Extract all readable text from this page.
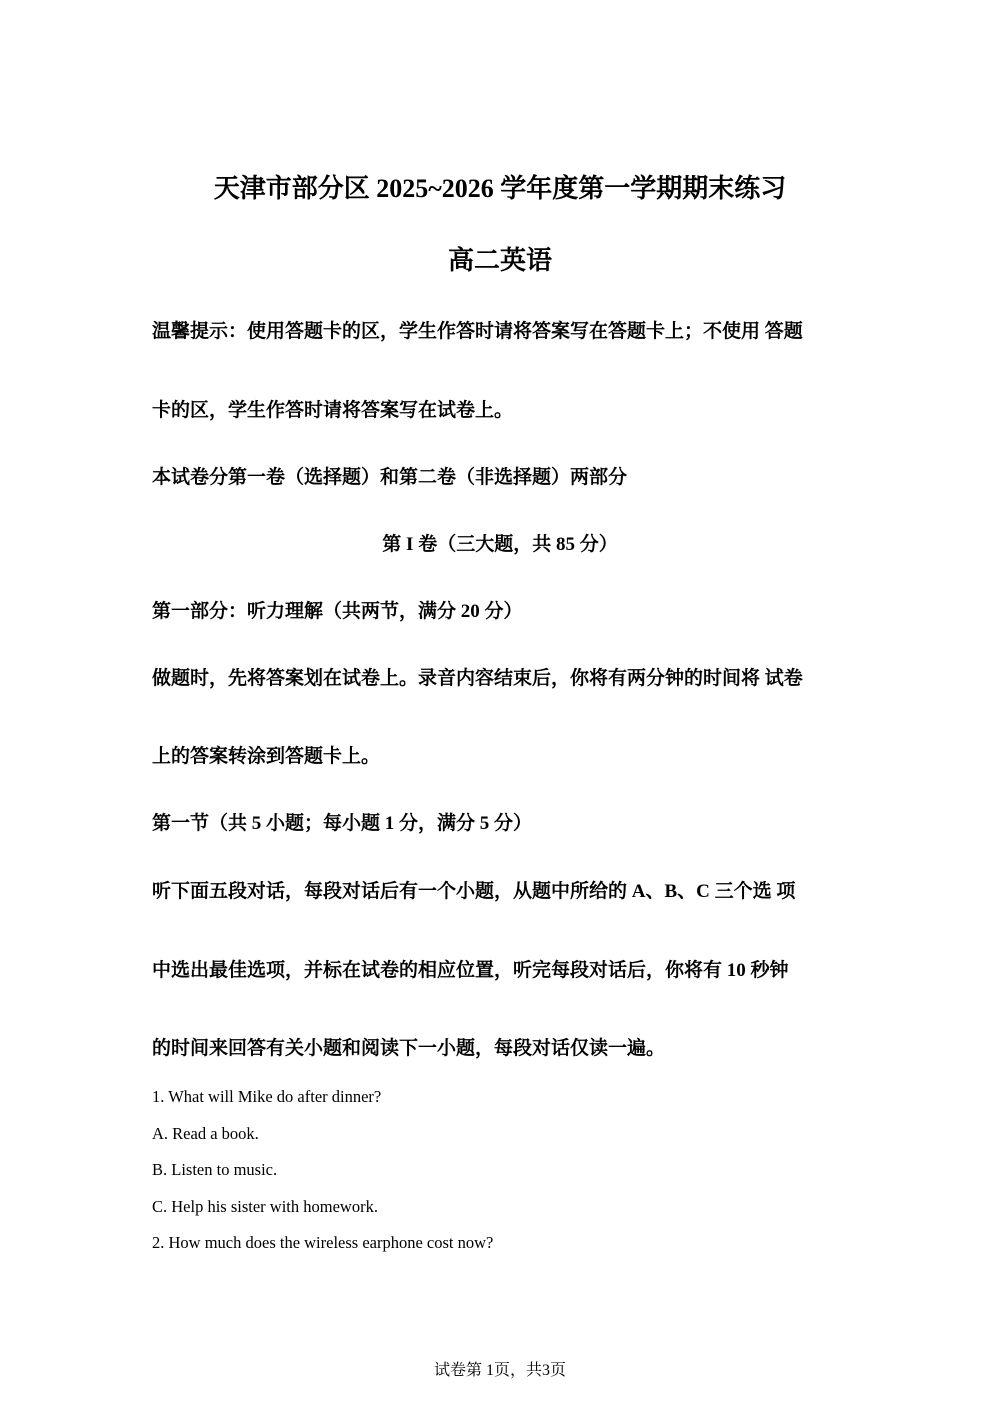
天津市部分区 2025~2026 学年度第一学期期末练习
高二英语
温馨提示：使用答题卡的区，学生作答时请将答案写在答题卡上；不使用 答题
卡的区，学生作答时请将答案写在试卷上。
本试卷分第一卷（选择题）和第二卷（非选择题）两部分
第 I 卷（三大题，共 85 分）
第一部分：听力理解（共两节，满分 20 分）
做题时，先将答案划在试卷上。录音内容结束后，你将有两分钟的时间将 试卷
上的答案转涂到答题卡上。
第一节（共 5 小题；每小题 1 分，满分 5 分）
听下面五段对话，每段对话后有一个小题，从题中所给的 A、B、C 三个选 项
中选出最佳选项，并标在试卷的相应位置，听完每段对话后，你将有 10 秒钟
的时间来回答有关小题和阅读下一小题，每段对话仅读一遍。
1. What will Mike do after dinner?
A. Read a book.
B. Listen to music.
C. Help his sister with homework.
2. How much does the wireless earphone cost now?
试卷第 1页，共3页
